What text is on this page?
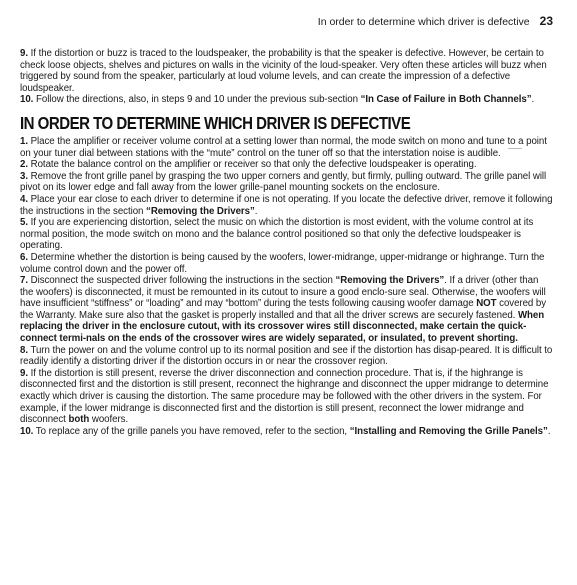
In order to determine which driver is defective 23

9. If the distortion or buzz is traced to the loudspeaker, the probability is that the speaker is defective. However, be certain to check loose objects, shelves and pictures on walls in the vicinity of the loud-speaker. Very often these articles will buzz when triggered by sound from the speaker, particularly at loud volume levels, and can create the impression of a defective loudspeaker.

10. Follow the directions, also, in steps 9 and 10 under the previous sub-section “In Case of Failure in Both Channels”.

IN ORDER TO DETERMINE WHICH DRIVER IS DEFECTIVE

1. Place the amplifier or receiver volume control at a setting lower than normal, the mode switch on mono and tune to a point on your tuner dial between stations with the “mute” control on the tuner off so that the interstation noise is audible.

2. Rotate the balance control on the amplifier or receiver so that only the defective loudspeaker is operating.

3. Remove the front grille panel by grasping the two upper corners and gently, but firmly, pulling outward. The grille panel will pivot on its lower edge and fall away from the lower grille-panel mounting sockets on the enclosure.

4. Place your ear close to each driver to determine if one is not operating. If you locate the defective driver, remove it following the instructions in the section “Removing the Drivers”.

5. If you are experiencing distortion, select the music on which the distortion is most evident, with the volume control at its normal position, the mode switch on mono and the balance control positioned so that only the defective loudspeaker is operating.

6. Determine whether the distortion is being caused by the woofers, lower-midrange, upper-midrange or highrange. Turn the volume control down and the power off.

7. Disconnect the suspected driver following the instructions in the section “Removing the Drivers”. If a driver (other than the woofers) is disconnected, it must be remounted in its cutout to insure a good enclo-sure seal. Otherwise, the woofers will have insufficient “stiffness” or “loading” and may “bottom” during the tests following causing woofer damage NOT covered by the Warranty. Make sure also that the gasket is properly installed and that all the driver screws are securely fastened. When replacing the driver in the enclosure cutout, with its crossover wires still disconnected, make certain the quick-connect termi-nals on the ends of the crossover wires are widely separated, or insulated, to prevent shorting.

8. Turn the power on and the volume control up to its normal position and see if the distortion has disap-peared. It is difficult to readily identify a distorting driver if the distortion occurs in or near the crossover region.

9. If the distortion is still present, reverse the driver disconnection and connection procedure. That is, if the highrange is disconnected first and the distortion is still present, reconnect the highrange and disconnect the upper midrange to determine exactly which driver is causing the distortion. The same procedure may be followed with the other drivers in the system. For example, if the lower midrange is disconnected first and the distortion is still present, reconnect the lower midrange and disconnect both woofers.

10. To replace any of the grille panels you have removed, refer to the section, “Installing and Removing the Grille Panels”.
